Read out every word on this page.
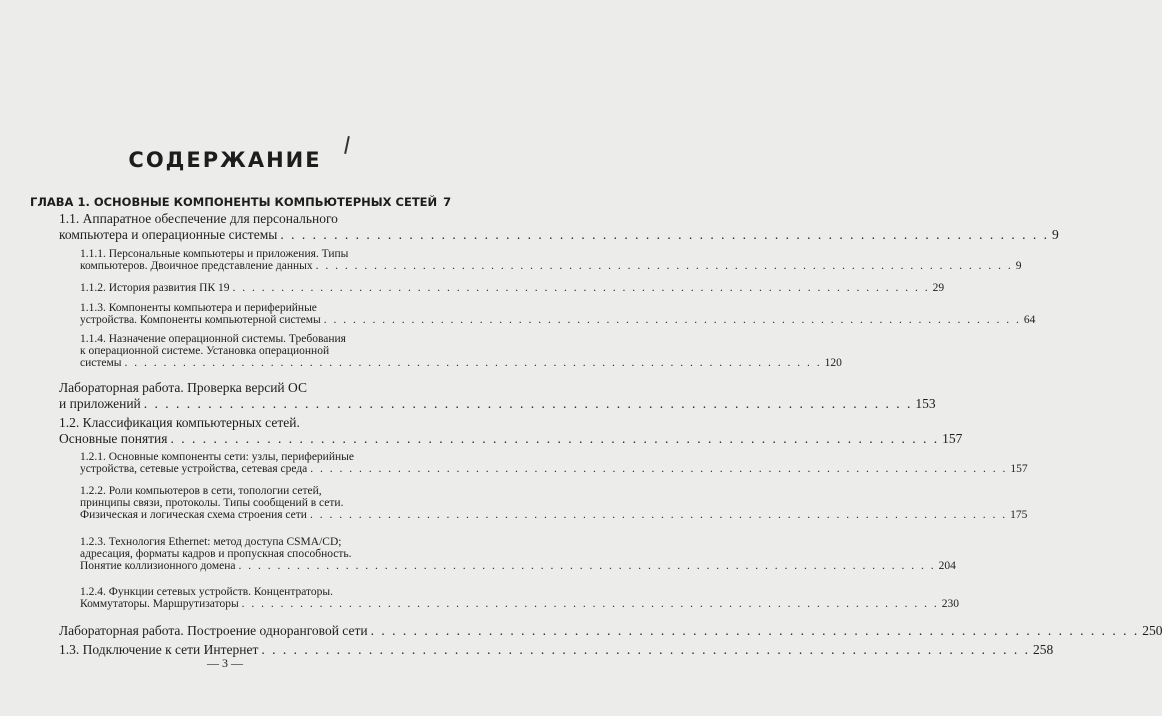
СОДЕРЖАНИЕ
ГЛАВА 1. ОСНОВНЫЕ КОМПОНЕНТЫ КОМПЬЮТЕРНЫХ СЕТЕЙ 7
1.1. Аппаратное обеспечение для персонального
компьютера и операционные системы . . .	9
1.1.1. Персональные компьютеры и приложения. Типы
компьютеров. Двоичное представление данных . . .	9
1.1.2. История развития ПК 19 . . .	29
1.1.3. Компоненты компьютера и периферийные
устройства. Компоненты компьютерной системы . . .	64
1.1.4. Назначение операционной системы. Требования
к операционной системе. Установка операционной
системы . . .	120
Лабораторная работа. Проверка версий ОС
и приложений . . .	153
1.2. Классификация компьютерных сетей.
Основные понятия . . .	157
1.2.1. Основные компоненты сети: узлы, периферийные
устройства, сетевые устройства, сетевая среда . . .	157
1.2.2. Роли компьютеров в сети, топологии сетей,
принципы связи, протоколы. Типы сообщений в сети.
Физическая и логическая схема строения сети . . .	175
1.2.3. Технология Ethernet: метод доступа CSMA/CD;
адресация, форматы кадров и пропускная способность.
Понятие коллизионного домена . . .	204
1.2.4. Функции сетевых устройств. Концентраторы.
Коммутаторы. Маршрутизаторы . . .	230
Лабораторная работа. Построение одноранговой сети . . .	250
1.3. Подключение к сети Интернет . . .	258
— 3 —
